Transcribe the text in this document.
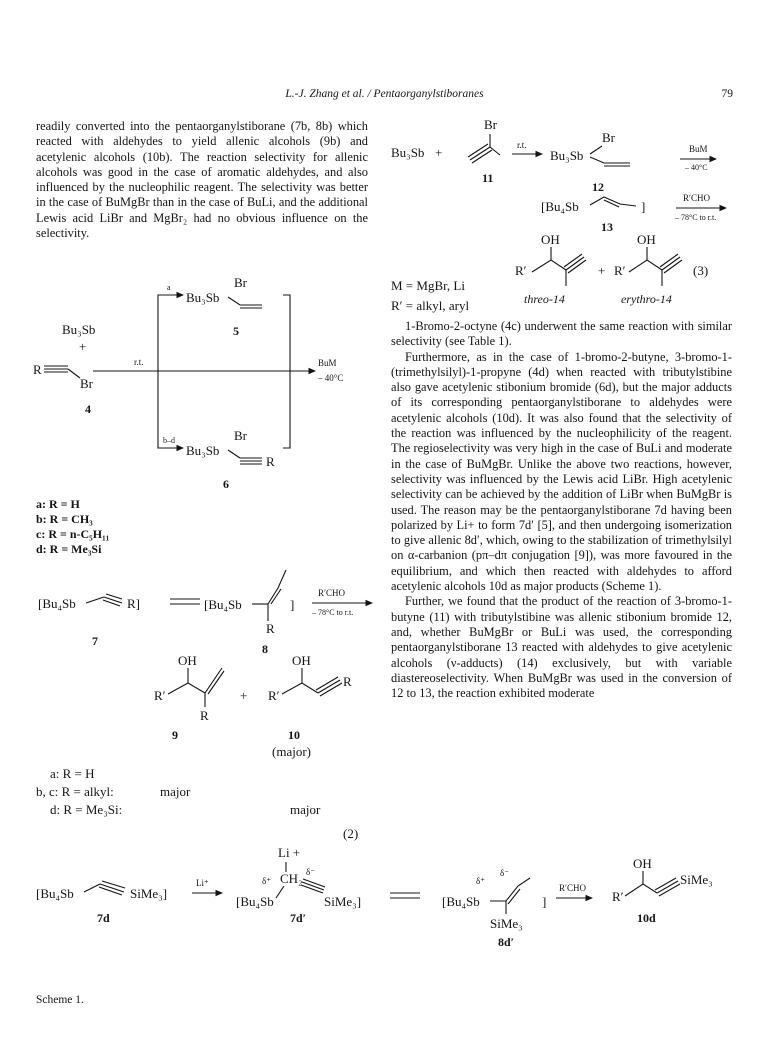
L.-J. Zhang et al. / Pentaorganylstiboranes	79

readily converted into the pentaorganylstiborane (7b, 8b) which reacted with aldehydes to yield allenic alcohols (9b) and acetylenic alcohols (10b). The reaction selectivity for allenic alcohols was good in the case of aromatic aldehydes, and also influenced by the nucleophilic reagent. The selectivity was better in the case of BuMgBr than in the case of BuLi, and the additional Lewis acid LiBr and MgBr₂ had no obvious influence on the selectivity.

1-Bromo-2-octyne (4c) underwent the same reaction with similar selectivity (see Table 1).

Furthermore, as in the case of 1-bromo-2-butyne, 3-bromo-1-(trimethylsilyl)-1-propyne (4d) when reacted with tributylstibine also gave acetylenic stibonium bromide (6d), but the major adducts of its corresponding pentaorganylstiborane to aldehydes were acetylenic alcohols (10d). It was also found that the selectivity of the reaction was influenced by the nucleophilicity of the reagent. The regioselectivity was very high in the case of BuLi and moderate in the case of BuMgBr. Unlike the above two reactions, however, selectivity was influenced by the Lewis acid LiBr. High acetylenic selectivity can be achieved by the addition of LiBr when BuMgBr is used. The reason may be the pentaorganylstiborane 7d having been polarized by Li+ to form 7d′ [5], and then undergoing isomerization to give allenic 8d′, which, owing to the stabilization of trimethylsilyl on α-carbanion (pπ–dπ conjugation [9]), was more favoured in the equilibrium, and which then reacted with aldehydes to afford acetylenic alcohols 10d as major products (Scheme 1).

Further, we found that the product of the reaction of 3-bromo-1-butyne (11) with tributylstibine was allenic stibonium bromide 12, and, whether BuMgBr or BuLi was used, the corresponding pentaorganylstiborane 13 reacted with aldehydes to give acetylenic alcohols (ν-adducts) (14) exclusively, but with variable diastereoselectivity. When BuMgBr was used in the conversion of 12 to 13, the reaction exhibited moderate

Bu₃Sb
+
R
Br
4
r.t.
a
b–d
Bu₃Sb
Br
5
Bu₃Sb
Br
R
6
BuM
– 40°C
a: R = H
b: R = CH₃
c: R = n-C₅H₁₁
d: R = Me₃Si
[Bu₄Sb	R]
7
[Bu₄Sb
R
]
8
R′CHO
– 78°C to r.t.
OH
R′
R
9
+
OH
R
R′
10
(major)
a: R = H
b, c: R = alkyl:
d: R = Me₃Si:
major
major
(2)
Bu₃Sb +
Br
11
r.t.
Bu₃Sb
Br
12
BuM
– 40°C
[Bu₄Sb	]
13
R′CHO
– 78°C to r.t.
OH
R′	+
OH
R′	(3)
threo-14	erythro-14
M = MgBr, Li
R′ = alkyl, aryl
[Bu₄Sb	SiMe₃]
7d
Li⁺
Li +
CH₂ δ⁻
δ⁺
[Bu₄Sb	SiMe₃]
7d′
δ⁺
δ⁻
[Bu₄Sb	]
SiMe₃
8d′
R′CHO
OH
R′
SiMe₃
10d
Scheme 1.
